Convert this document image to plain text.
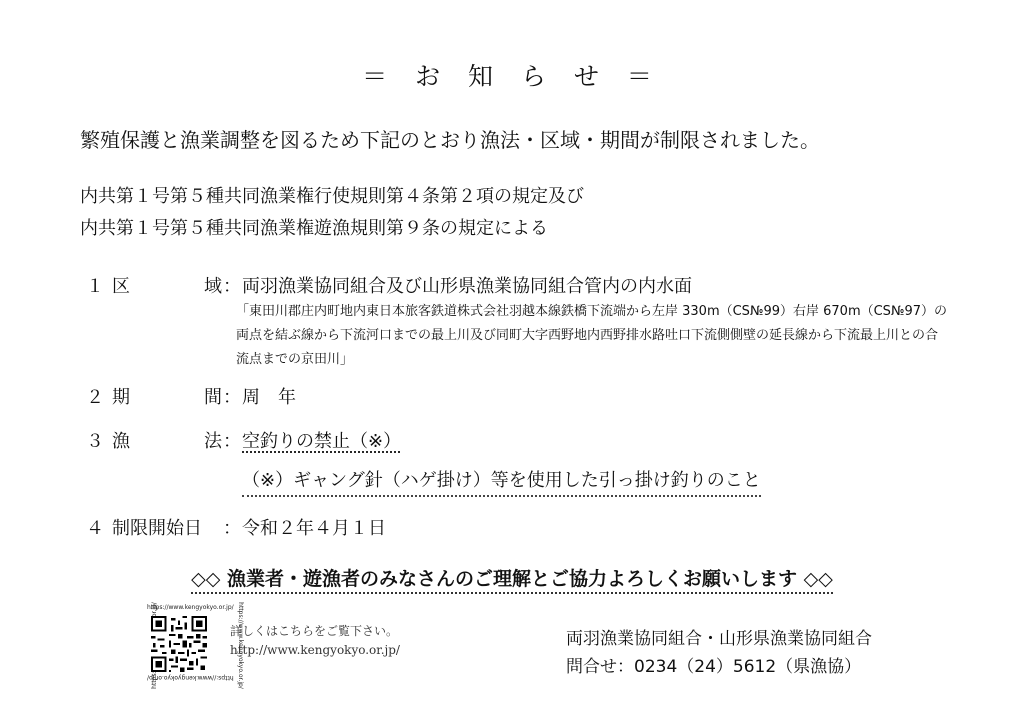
＝ お 知 ら せ ＝
繁殖保護と漁業調整を図るため下記のとおり漁法・区域・期間が制限されました。
内共第１号第５種共同漁業権行使規則第４条第２項の規定及び
内共第１号第５種共同漁業権遊漁規則第９条の規定による
１ 区	域 ： 両羽漁業協同組合及び山形県漁業協同組合管内の内水面
「東田川郡庄内町地内東日本旅客鉄道株式会社羽越本線鉄橋下流端から左岸 330m（CS№99）右岸 670m（CS№97）の両点を結ぶ線から下流河口までの最上川及び同町大字西野地内西野排水路吐口下流側側壁の延長線から下流最上川との合流点までの京田川」
２ 期	間 ： 周　年
３ 漁	法 ： 空釣りの禁止（※）
（※）ギャング針（ハゲ掛け）等を使用した引っ掛け釣りのこと
４ 制限開始日	： 令和２年４月１日
◇◇ 漁業者・遊漁者のみなさんのご理解とご協力よろしくお願いします ◇◇
https://www.kengyokyo.or.jp/ https://www.kengyokyo.or.jp/
https://www.kengyokyo.or.jp/
詳しくはこちらをご覧下さい。
http://www.kengyokyo.or.jp/
両羽漁業協同組合・山形県漁業協同組合
問合せ：0234（24）5612（県漁協）
